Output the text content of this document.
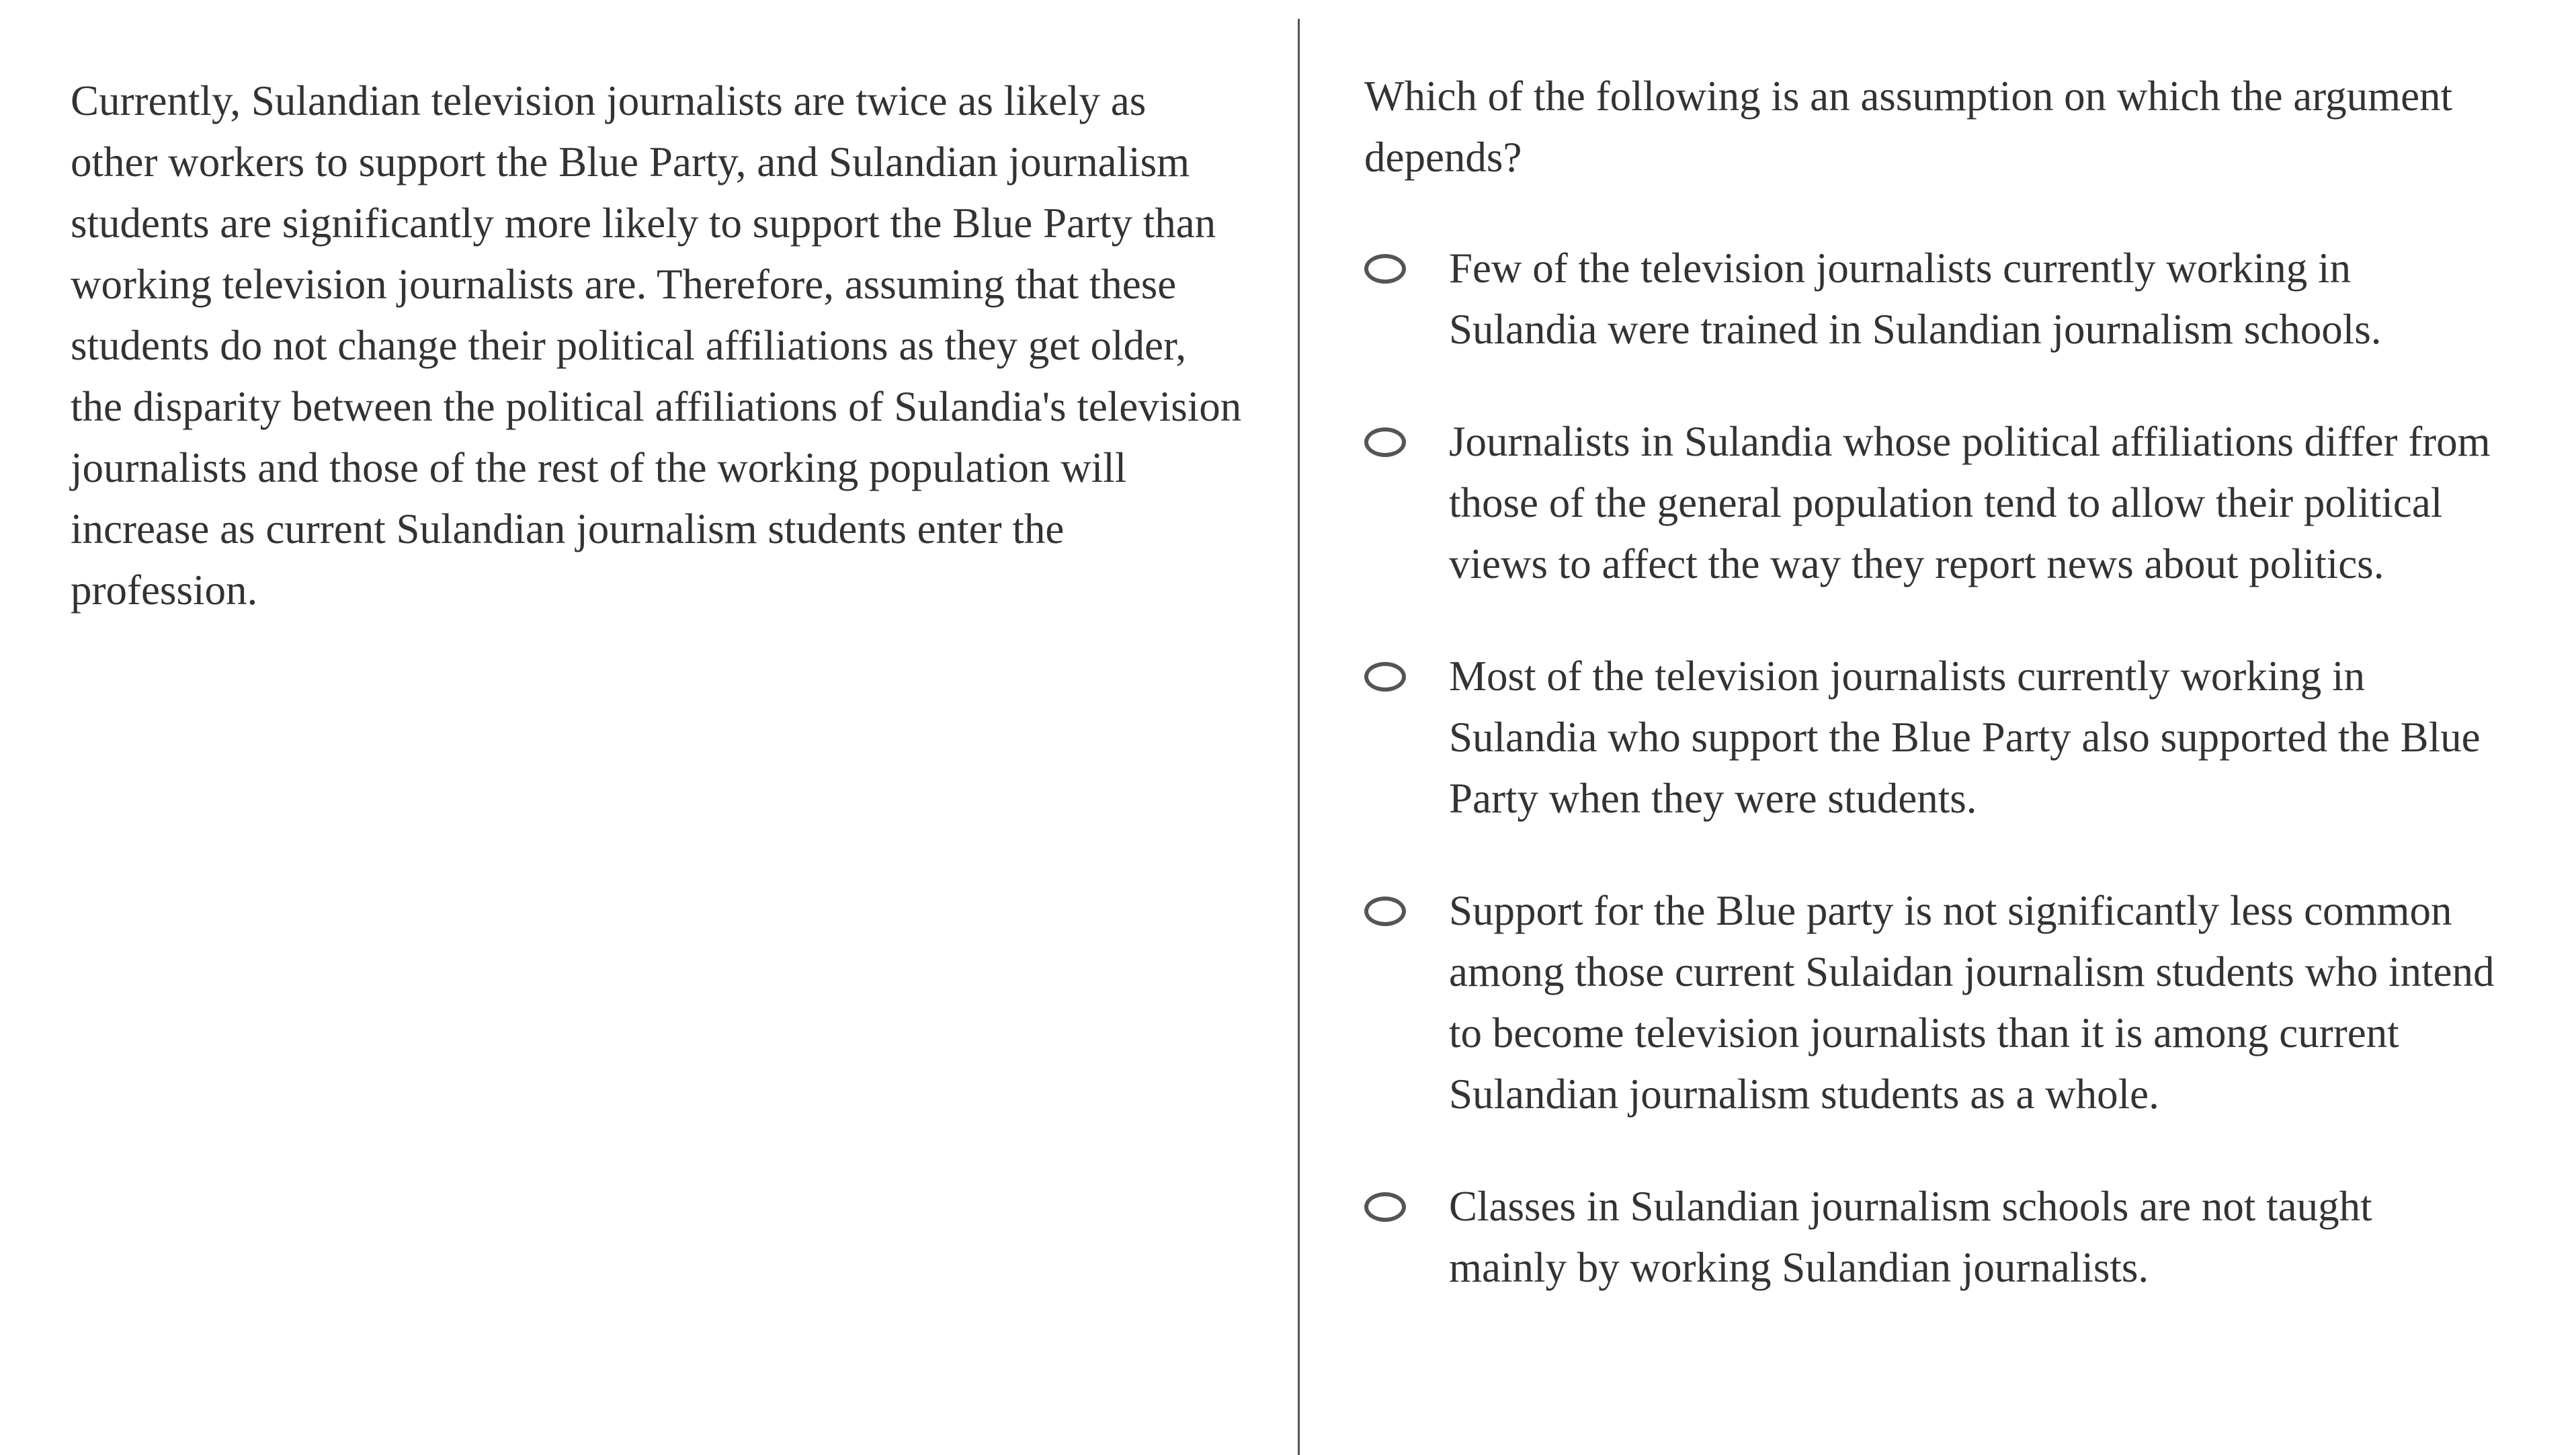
Currently, Sulandian television journalists are twice as likely as other workers to support the Blue Party, and Sulandian journalism students are significantly more likely to support the Blue Party than working television journalists are. Therefore, assuming that these students do not change their political affiliations as they get older, the disparity between the political affiliations of Sulandia's television journalists and those of the rest of the working population will increase as current Sulandian journalism students enter the profession.
Which of the following is an assumption on which the argument depends?
Few of the television journalists currently working in Sulandia were trained in Sulandian journalism schools.
Journalists in Sulandia whose political affiliations differ from those of the general population tend to allow their political views to affect the way they report news about politics.
Most of the television journalists currently working in Sulandia who support the Blue Party also supported the Blue Party when they were students.
Support for the Blue party is not significantly less common among those current Sulaidan journalism students who intend to become television journalists than it is among current Sulandian journalism students as a whole.
Classes in Sulandian journalism schools are not taught mainly by working Sulandian journalists.
